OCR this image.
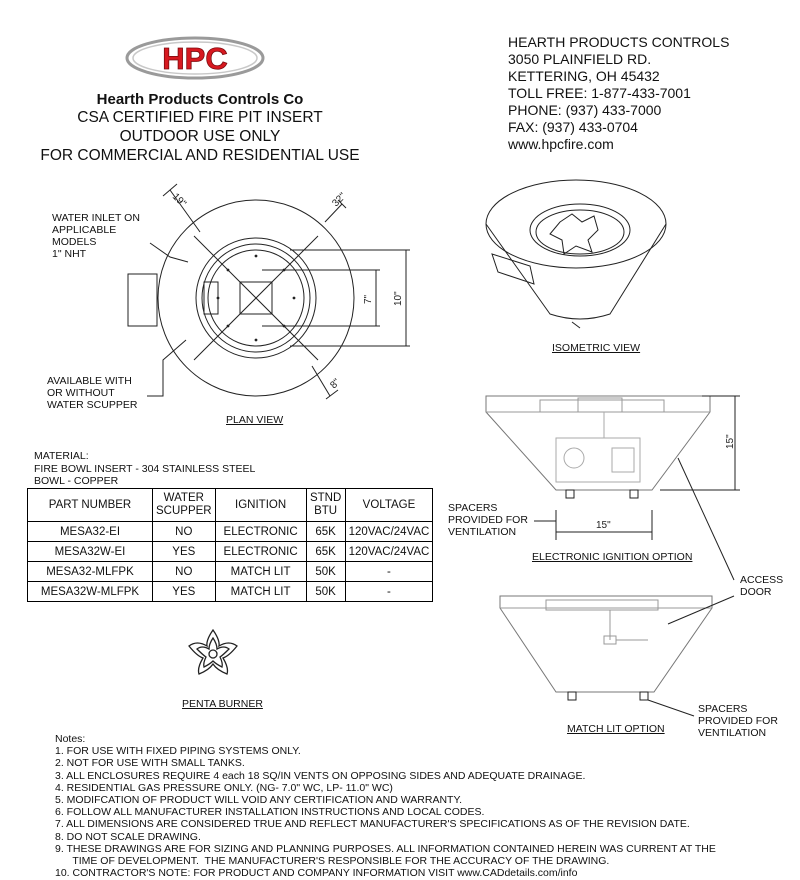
HPC
Hearth Products Controls Co
CSA CERTIFIED FIRE PIT INSERT
OUTDOOR USE ONLY
FOR COMMERCIAL AND RESIDENTIAL USE
HEARTH PRODUCTS CONTROLS
3050 PLAINFIELD RD.
KETTERING, OH 45432
TOLL FREE: 1-877-433-7001
PHONE: (937) 433-7000
FAX: (937) 433-0704
www.hpcfire.com
19"	32"
7" 10"
8"
15"
15"
WATER INLET ON
APPLICABLE
MODELS
1" NHT
AVAILABLE WITH
OR WITHOUT
WATER SCUPPER
PLAN VIEW
ISOMETRIC VIEW
SPACERS
PROVIDED FOR
VENTILATION
ELECTRONIC IGNITION OPTION
ACCESS
DOOR
SPACERS
PROVIDED FOR
VENTILATION
MATCH LIT OPTION
MATERIAL:
FIRE BOWL INSERT - 304 STAINLESS STEEL
BOWL - COPPER
PART NUMBER	WATER SCUPPER	IGNITION	STND BTU	VOLTAGE
MESA32-EI	NO	ELECTRONIC	65K	120VAC/24VAC
MESA32W-EI	YES	ELECTRONIC	65K	120VAC/24VAC
MESA32-MLFPK	NO	MATCH LIT	50K	-
MESA32W-MLFPK	YES	MATCH LIT	50K	-
PENTA BURNER
Notes:
1. FOR USE WITH FIXED PIPING SYSTEMS ONLY.
2. NOT FOR USE WITH SMALL TANKS.
3. ALL ENCLOSURES REQUIRE 4 each 18 SQ/IN VENTS ON OPPOSING SIDES AND ADEQUATE DRAINAGE.
4. RESIDENTIAL GAS PRESSURE ONLY. (NG- 7.0" WC, LP- 11.0" WC)
5. MODIFCATION OF PRODUCT WILL VOID ANY CERTIFICATION AND WARRANTY.
6. FOLLOW ALL MANUFACTURER INSTALLATION INSTRUCTIONS AND LOCAL CODES.
7. ALL DIMENSIONS ARE CONSIDERED TRUE AND REFLECT MANUFACTURER'S SPECIFICATIONS AS OF THE REVISION DATE.
8. DO NOT SCALE DRAWING.
9. THESE DRAWINGS ARE FOR SIZING AND PLANNING PURPOSES. ALL INFORMATION CONTAINED HEREIN WAS CURRENT AT THE
TIME OF DEVELOPMENT.  THE MANUFACTURER'S RESPONSIBLE FOR THE ACCURACY OF THE DRAWING.
10. CONTRACTOR'S NOTE: FOR PRODUCT AND COMPANY INFORMATION VISIT www.CADdetails.com/info
